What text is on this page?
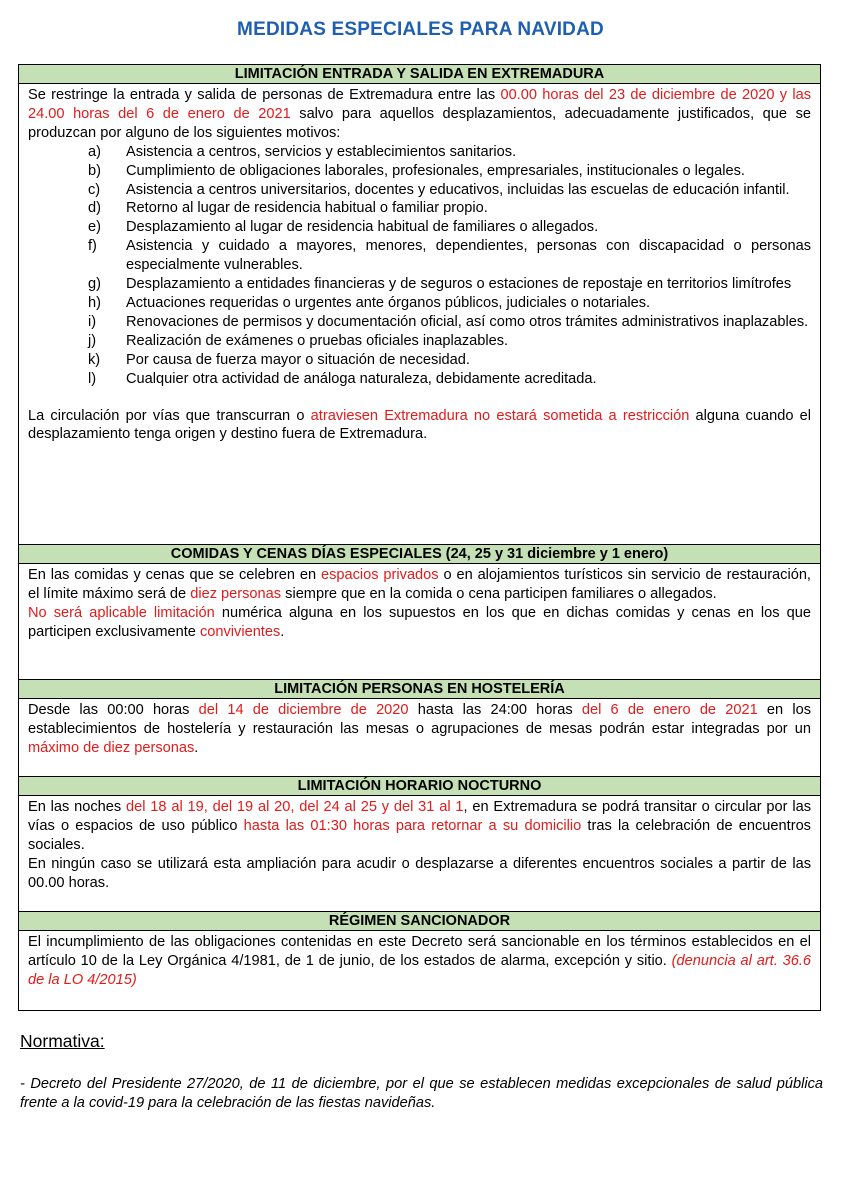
MEDIDAS ESPECIALES PARA NAVIDAD
LIMITACIÓN ENTRADA Y SALIDA EN EXTREMADURA

Se restringe la entrada y salida de personas de Extremadura entre las 00.00 horas del 23 de diciembre de 2020 y las 24.00 horas del 6 de enero de 2021 salvo para aquellos desplazamientos, adecuadamente justificados, que se produzcan por alguno de los siguientes motivos:

a) Asistencia a centros, servicios y establecimientos sanitarios.
b) Cumplimiento de obligaciones laborales, profesionales, empresariales, institucionales o legales.
c) Asistencia a centros universitarios, docentes y educativos, incluidas las escuelas de educación infantil.
d) Retorno al lugar de residencia habitual o familiar propio.
e) Desplazamiento al lugar de residencia habitual de familiares o allegados.
f) Asistencia y cuidado a mayores, menores, dependientes, personas con discapacidad o personas especialmente vulnerables.
g) Desplazamiento a entidades financieras y de seguros o estaciones de repostaje en territorios limítrofes
h) Actuaciones requeridas o urgentes ante órganos públicos, judiciales o notariales.
i) Renovaciones de permisos y documentación oficial, así como otros trámites administrativos inaplazables.
j) Realización de exámenes o pruebas oficiales inaplazables.
k) Por causa de fuerza mayor o situación de necesidad.
l) Cualquier otra actividad de análoga naturaleza, debidamente acreditada.

La circulación por vías que transcurran o atraviesen Extremadura no estará sometida a restricción alguna cuando el desplazamiento tenga origen y destino fuera de Extremadura.

COMIDAS Y CENAS DÍAS ESPECIALES (24, 25 y 31 diciembre y 1 enero)

En las comidas y cenas que se celebren en espacios privados o en alojamientos turísticos sin servicio de restauración, el límite máximo será de diez personas siempre que en la comida o cena participen familiares o allegados.

No será aplicable limitación numérica alguna en los supuestos en los que en dichas comidas y cenas en los que participen exclusivamente convivientes.

LIMITACIÓN PERSONAS EN HOSTELERÍA

Desde las 00:00 horas del 14 de diciembre de 2020 hasta las 24:00 horas del 6 de enero de 2021 en los establecimientos de hostelería y restauración las mesas o agrupaciones de mesas podrán estar integradas por un máximo de diez personas.

LIMITACIÓN HORARIO NOCTURNO

En las noches del 18 al 19, del 19 al 20, del 24 al 25 y del 31 al 1, en Extremadura se podrá transitar o circular por las vías o espacios de uso público hasta las 01:30 horas para retornar a su domicilio tras la celebración de encuentros sociales.

En ningún caso se utilizará esta ampliación para acudir o desplazarse a diferentes encuentros sociales a partir de las 00.00 horas.

RÉGIMEN SANCIONADOR

El incumplimiento de las obligaciones contenidas en este Decreto será sancionable en los términos establecidos en el artículo 10 de la Ley Orgánica 4/1981, de 1 de junio, de los estados de alarma, excepción y sitio. (denuncia al art. 36.6 de la LO 4/2015)

Normativa:
- Decreto del Presidente 27/2020, de 11 de diciembre, por el que se establecen medidas excepcionales de salud pública frente a la covid-19 para la celebración de las fiestas navideñas.
